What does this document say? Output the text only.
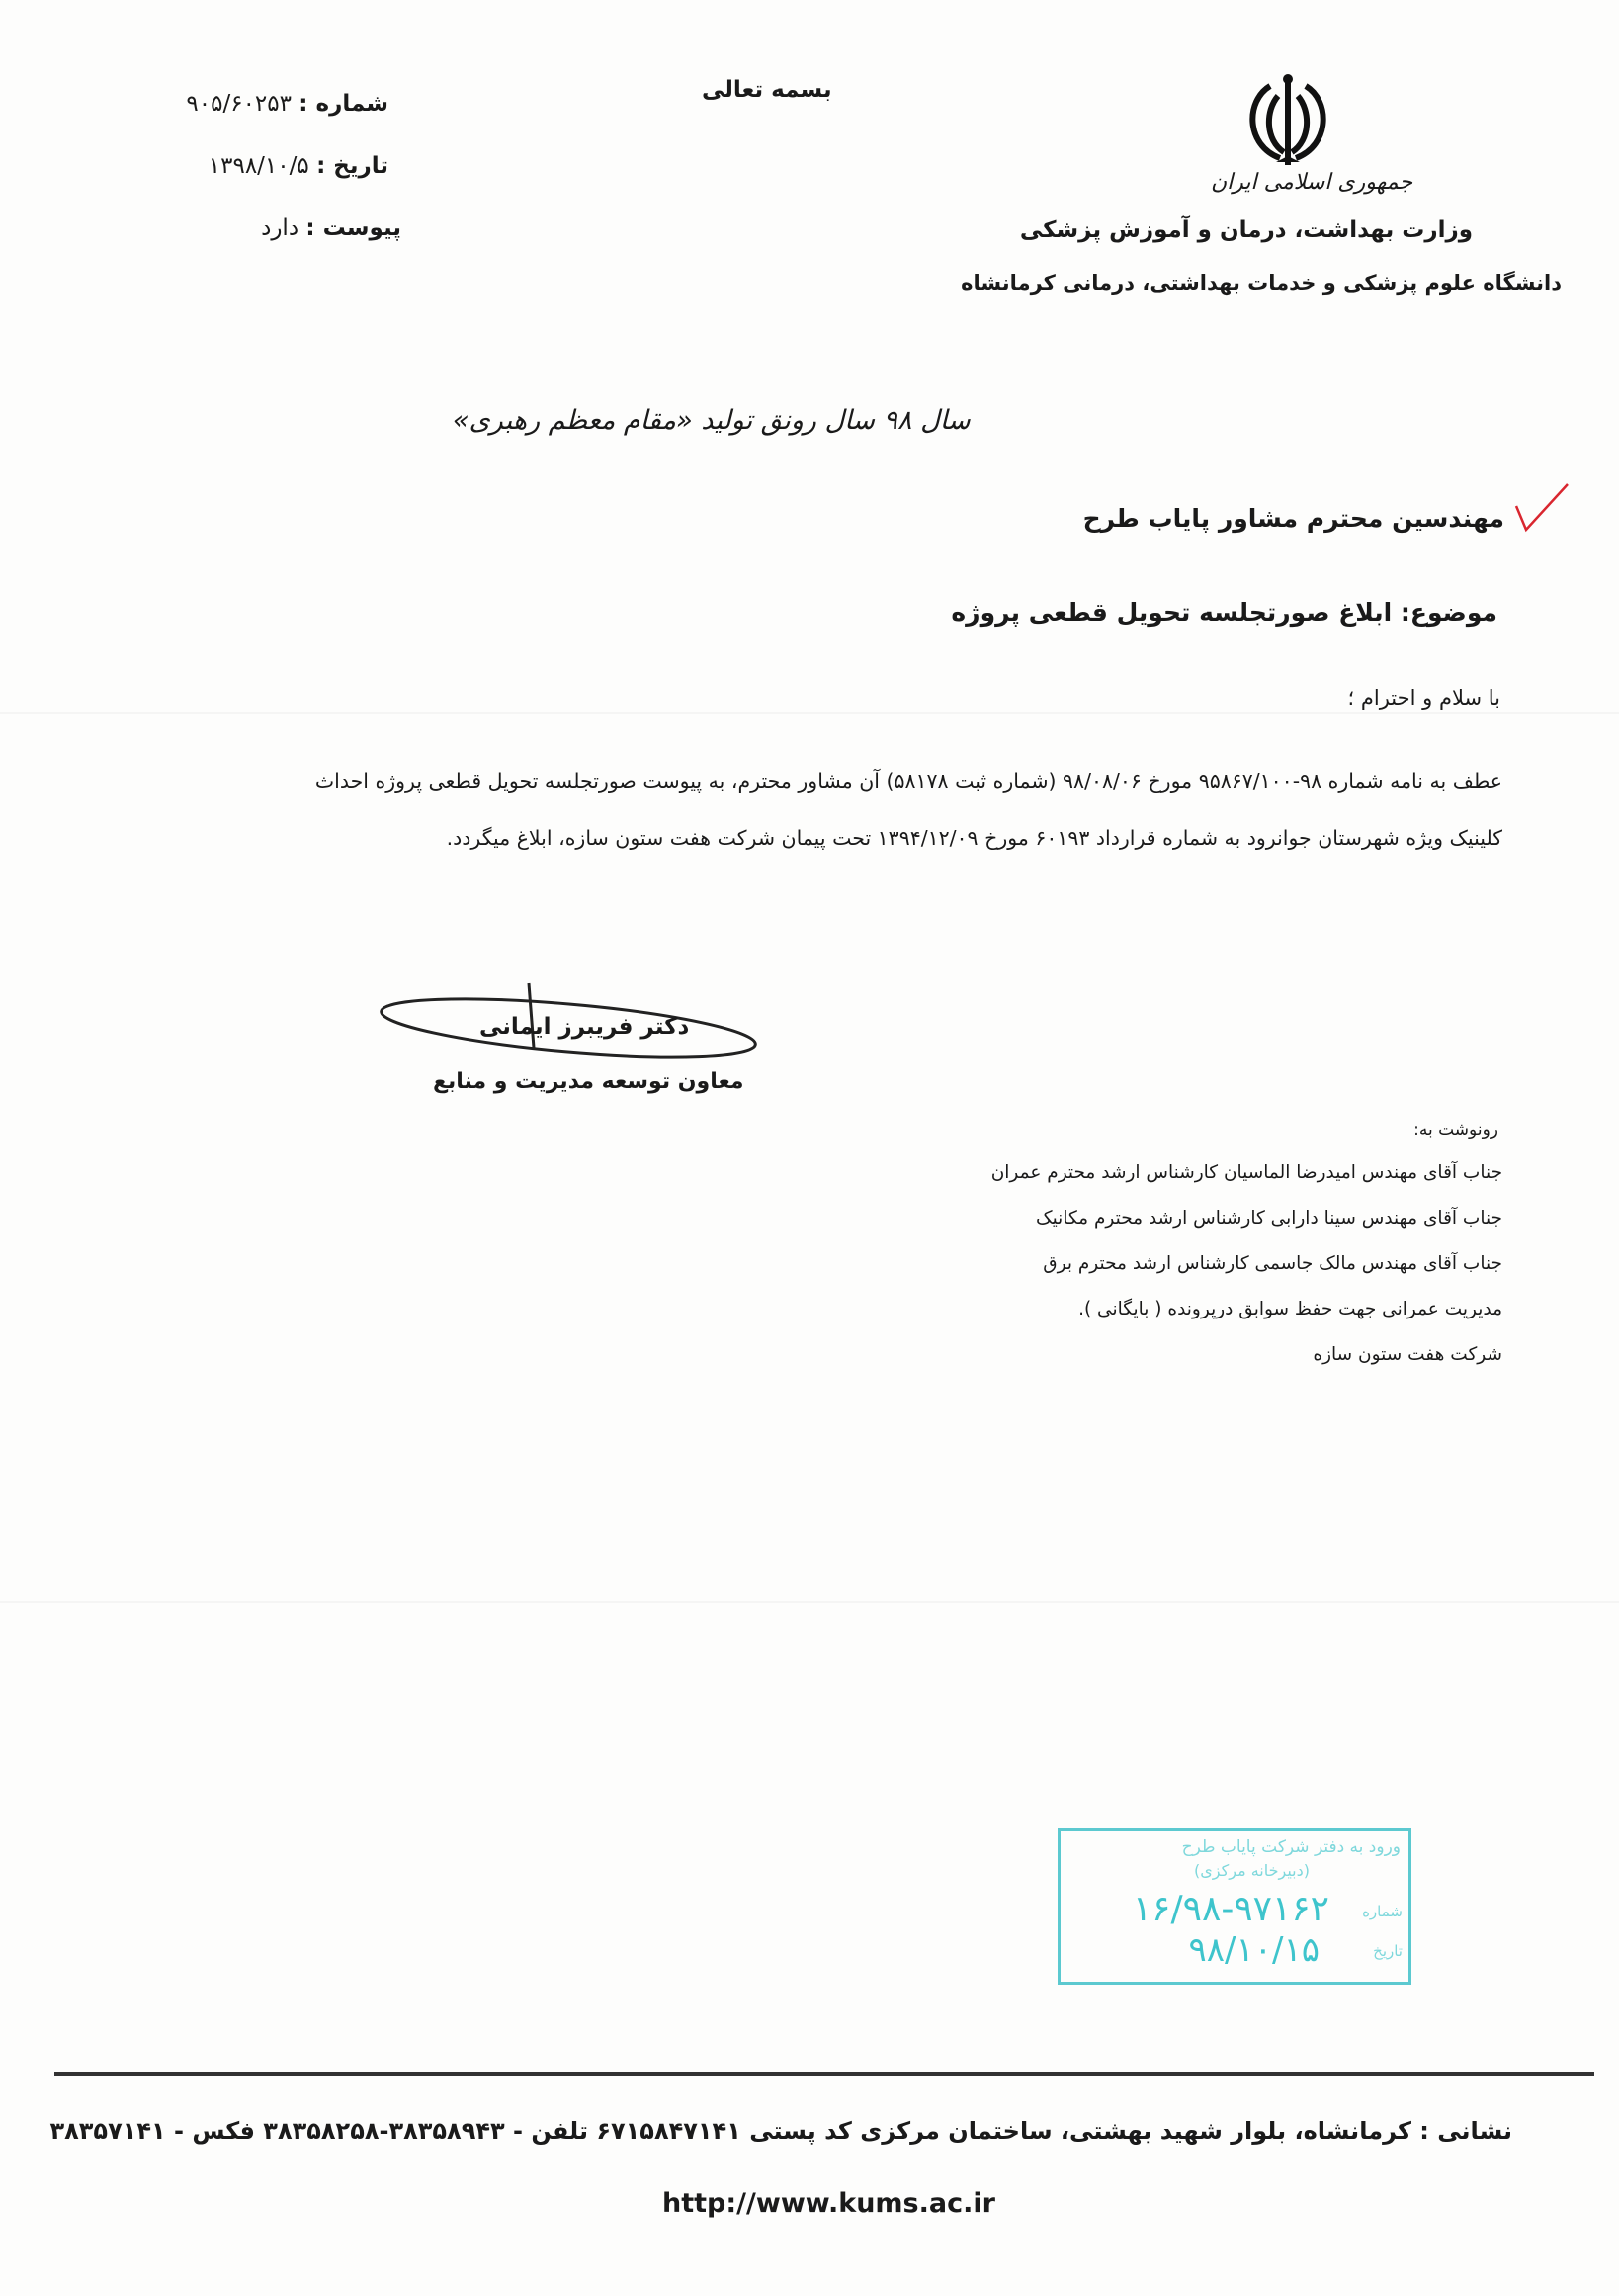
بسمه تعالی
شماره : ۹۰۵/۶۰۲۵۳
تاریخ : ۱۳۹۸/۱۰/۵
پیوست : دارد
جمهوری اسلامی ایران
وزارت بهداشت، درمان و آموزش پزشکی
دانشگاه علوم پزشکی و خدمات بهداشتی، درمانی کرمانشاه
سال ۹۸ سال رونق تولید «مقام معظم رهبری»
مهندسین محترم مشاور پایاب طرح
موضوع: ابلاغ صورتجلسه تحویل قطعی پروژه
با سلام و احترام ؛
عطف به نامه شماره ۹۸-۹۵۸۶۷/۱۰۰ مورخ ۹۸/۰۸/۰۶ (شماره ثبت ۵۸۱۷۸) آن مشاور محترم، به پیوست صورتجلسه تحویل قطعی پروژه احداث
کلینیک ویژه شهرستان جوانرود به شماره قرارداد ۶۰۱۹۳ مورخ ۱۳۹۴/۱۲/۰۹ تحت پیمان شرکت هفت ستون سازه، ابلاغ میگردد.
دکتر فریبرز ایمانی
معاون توسعه مدیریت و منابع
رونوشت به:
جناب آقای مهندس امیدرضا الماسیان کارشناس ارشد محترم عمران
جناب آقای مهندس سینا دارابی کارشناس ارشد محترم مکانیک
جناب آقای مهندس مالک جاسمی کارشناس ارشد محترم برق
مدیریت عمرانی جهت حفظ سوابق درپرونده ( بایگانی ).
شرکت هفت ستون سازه
ورود به دفتر شرکت پایاب طرح
(دبیرخانه مرکزی)
شماره
۱۶/۹۸-۹۷۱۶۲
تاریخ
۹۸/۱۰/۱۵
نشانی : کرمانشاه، بلوار شهید بهشتی، ساختمان مرکزی کد پستی ۶۷۱۵۸۴۷۱۴۱ تلفن - ۳۸۳۵۸۹۴۳-۳۸۳۵۸۲۵۸ فکس - ۳۸۳۵۷۱۴۱
http://www.kums.ac.ir
